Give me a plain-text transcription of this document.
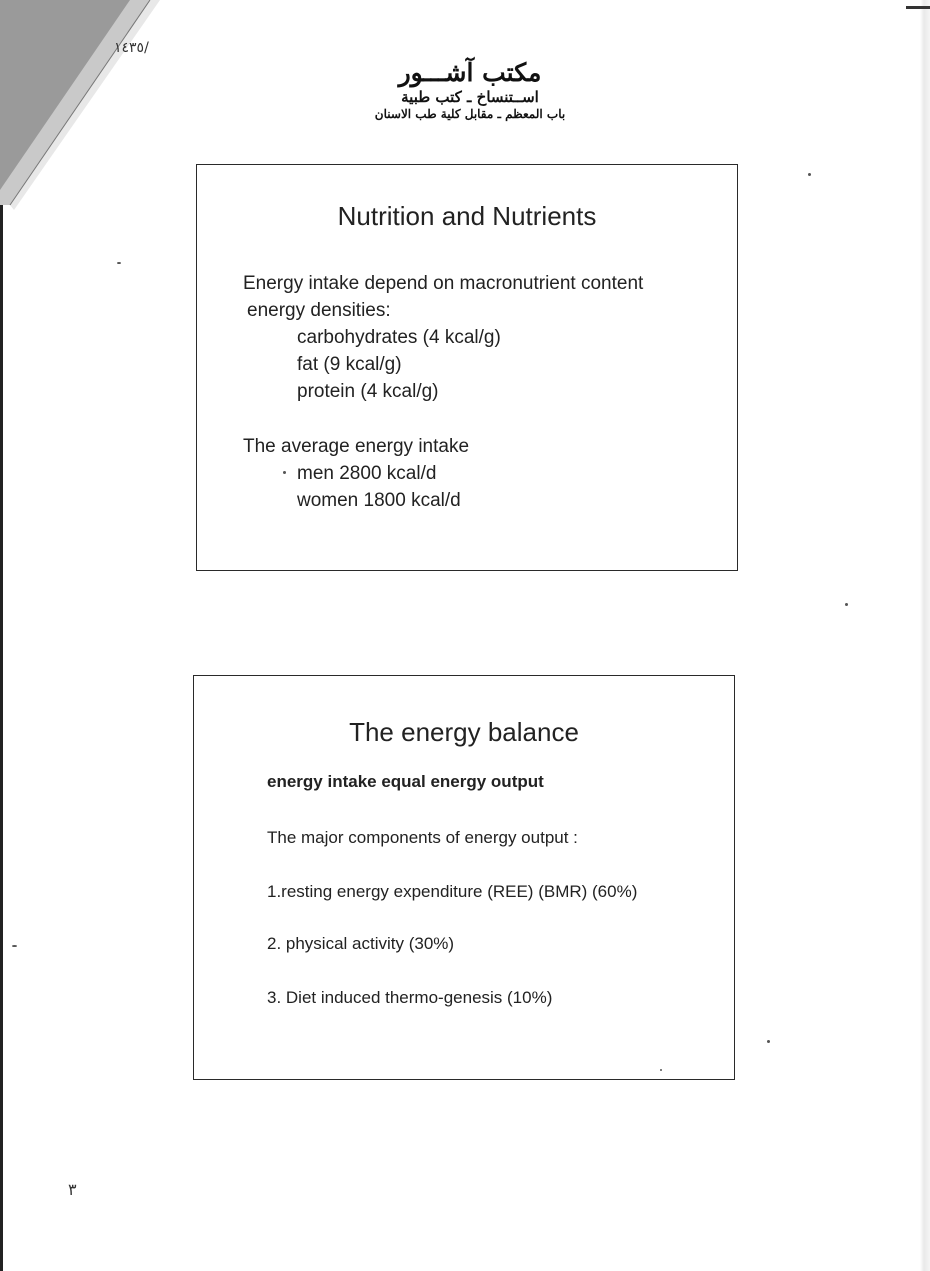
‏/١٤٣٥
مكتب آشـــور
اســتنساخ ـ كتب طبية
باب المعظم ـ مقابل كلية طب الاسنان
Nutrition and Nutrients
Energy intake depend on macronutrient content
energy densities:
carbohydrates (4 kcal/g)
fat (9 kcal/g)
protein (4 kcal/g)
The average energy intake
men 2800 kcal/d
women 1800 kcal/d
The energy balance
energy intake equal energy output
The major components of energy output :
1.resting energy expenditure (REE) (BMR) (60%)
2. physical activity (30%)
3. Diet induced thermo-genesis (10%)
٣
